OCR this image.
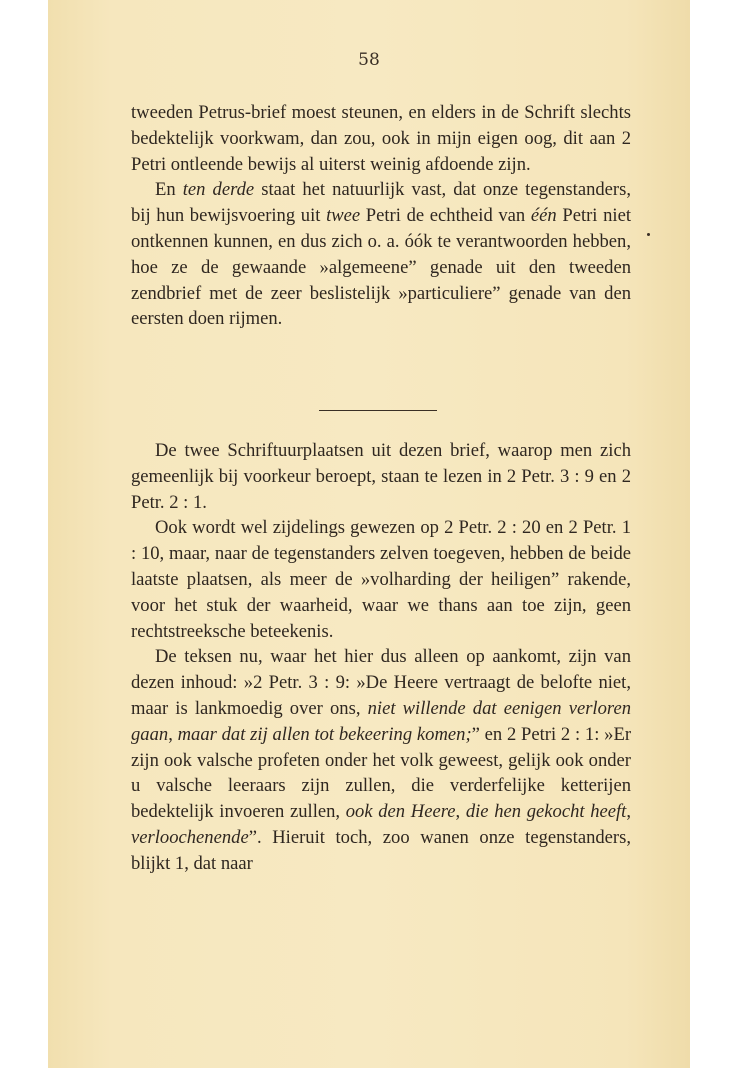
58

tweeden Petrus-brief moest steunen, en elders in de Schrift slechts bedektelijk voorkwam, dan zou, ook in mijn eigen oog, dit aan 2 Petri ontleende bewijs al uiterst weinig afdoende zijn.

En ten derde staat het natuurlijk vast, dat onze tegenstanders, bij hun bewijsvoering uit twee Petri de echtheid van één Petri niet ontkennen kunnen, en dus zich o. a. óók te verantwoorden hebben, hoe ze de gewaande »algemeene” genade uit den tweeden zendbrief met de zeer beslistelijk »particuliere” genade van den eersten doen rijmen.

De twee Schriftuurplaatsen uit dezen brief, waarop men zich gemeenlijk bij voorkeur beroept, staan te lezen in 2 Petr. 3 : 9 en 2 Petr. 2 : 1.

Ook wordt wel zijdelings gewezen op 2 Petr. 2 : 20 en 2 Petr. 1 : 10, maar, naar de tegenstanders zelven toegeven, hebben de beide laatste plaatsen, als meer de »volharding der heiligen” rakende, voor het stuk der waarheid, waar we thans aan toe zijn, geen rechtstreeksche beteekenis.

De teksen nu, waar het hier dus alleen op aankomt, zijn van dezen inhoud: »2 Petr. 3 : 9: »De Heere vertraagt de belofte niet, maar is lankmoedig over ons, niet willende dat eenigen verloren gaan, maar dat zij allen tot bekeering komen;” en 2 Petri 2 : 1: »Er zijn ook valsche profeten onder het volk geweest, gelijk ook onder u valsche leeraars zijn zullen, die verderfelijke ketterijen bedektelijk invoeren zullen, ook den Heere, die hen gekocht heeft, verloochenende”. Hieruit toch, zoo wanen onze tegenstanders, blijkt 1, dat naar
